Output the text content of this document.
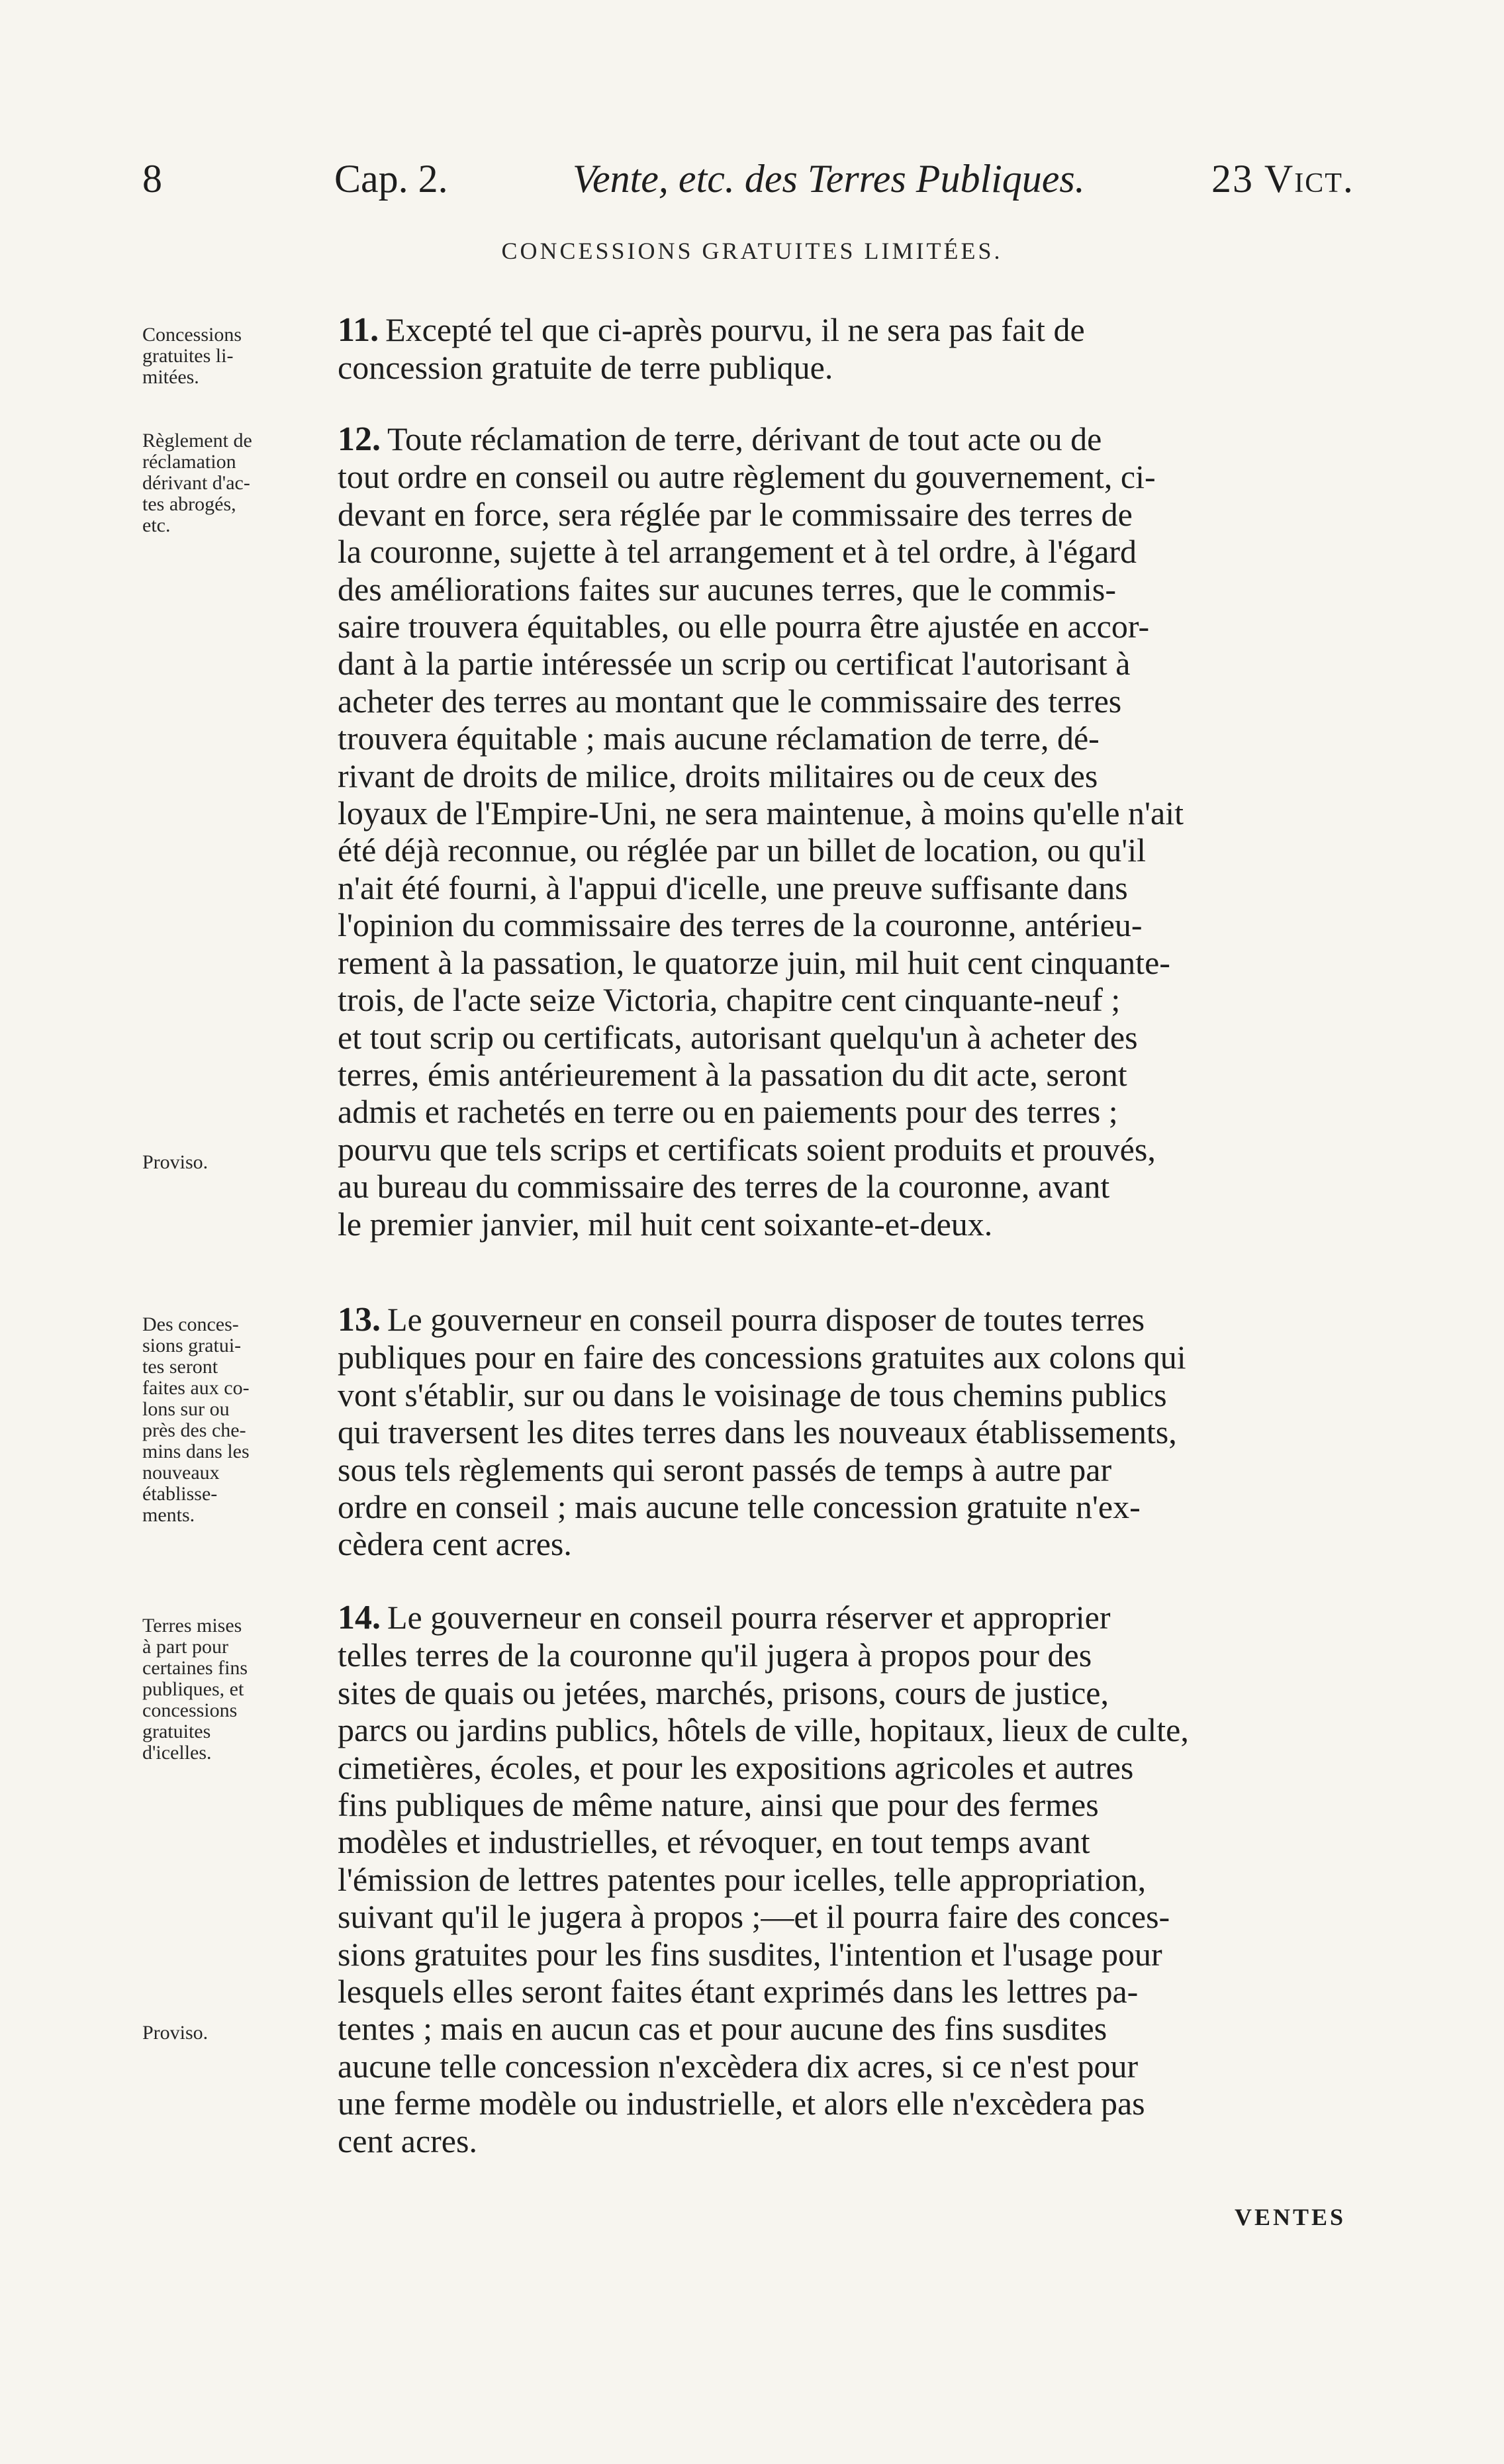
8	Cap. 2.	Vente, etc. des Terres Publiques.	23 Vict.
CONCESSIONS GRATUITES LIMITÉES.

Concessions
gratuites li-
mitées.

Règlement de
réclamation
dérivant d'ac-
tes abrogés,
etc.

Proviso.

Des conces-
sions gratui-
tes seront
faites aux co-
lons sur ou
près des che-
mins dans les
nouveaux
établisse-
ments.

Terres mises
à part pour
certaines fins
publiques, et
concessions
gratuites
d'icelles.

Proviso.

11. Excepté tel que ci-après pourvu, il ne sera pas fait de
concession gratuite de terre publique.
12. Toute réclamation de terre, dérivant de tout acte ou de
tout ordre en conseil ou autre règlement du gouvernement, ci-
devant en force, sera réglée par le commissaire des terres de
la couronne, sujette à tel arrangement et à tel ordre, à l'égard
des améliorations faites sur aucunes terres, que le commis-
saire trouvera équitables, ou elle pourra être ajustée en accor-
dant à la partie intéressée un scrip ou certificat l'autorisant à
acheter des terres au montant que le commissaire des terres
trouvera équitable ; mais aucune réclamation de terre, dé-
rivant de droits de milice, droits militaires ou de ceux des
loyaux de l'Empire-Uni, ne sera maintenue, à moins qu'elle n'ait
été déjà reconnue, ou réglée par un billet de location, ou qu'il
n'ait été fourni, à l'appui d'icelle, une preuve suffisante dans
l'opinion du commissaire des terres de la couronne, antérieu-
rement à la passation, le quatorze juin, mil huit cent cinquante-
trois, de l'acte seize Victoria, chapitre cent cinquante-neuf ;
et tout scrip ou certificats, autorisant quelqu'un à acheter des
terres, émis antérieurement à la passation du dit acte, seront
admis et rachetés en terre ou en paiements pour des terres ;
pourvu que tels scrips et certificats soient produits et prouvés,
au bureau du commissaire des terres de la couronne, avant
le premier janvier, mil huit cent soixante-et-deux.
13. Le gouverneur en conseil pourra disposer de toutes terres
publiques pour en faire des concessions gratuites aux colons qui
vont s'établir, sur ou dans le voisinage de tous chemins publics
qui traversent les dites terres dans les nouveaux établissements,
sous tels règlements qui seront passés de temps à autre par
ordre en conseil ; mais aucune telle concession gratuite n'ex-
cèdera cent acres.
14. Le gouverneur en conseil pourra réserver et approprier
telles terres de la couronne qu'il jugera à propos pour des
sites de quais ou jetées, marchés, prisons, cours de justice,
parcs ou jardins publics, hôtels de ville, hopitaux, lieux de culte,
cimetières, écoles, et pour les expositions agricoles et autres
fins publiques de même nature, ainsi que pour des fermes
modèles et industrielles, et révoquer, en tout temps avant
l'émission de lettres patentes pour icelles, telle appropriation,
suivant qu'il le jugera à propos ;—et il pourra faire des conces-
sions gratuites pour les fins susdites, l'intention et l'usage pour
lesquels elles seront faites étant exprimés dans les lettres pa-
tentes ; mais en aucun cas et pour aucune des fins susdites
aucune telle concession n'excèdera dix acres, si ce n'est pour
une ferme modèle ou industrielle, et alors elle n'excèdera pas
cent acres.
VENTES
